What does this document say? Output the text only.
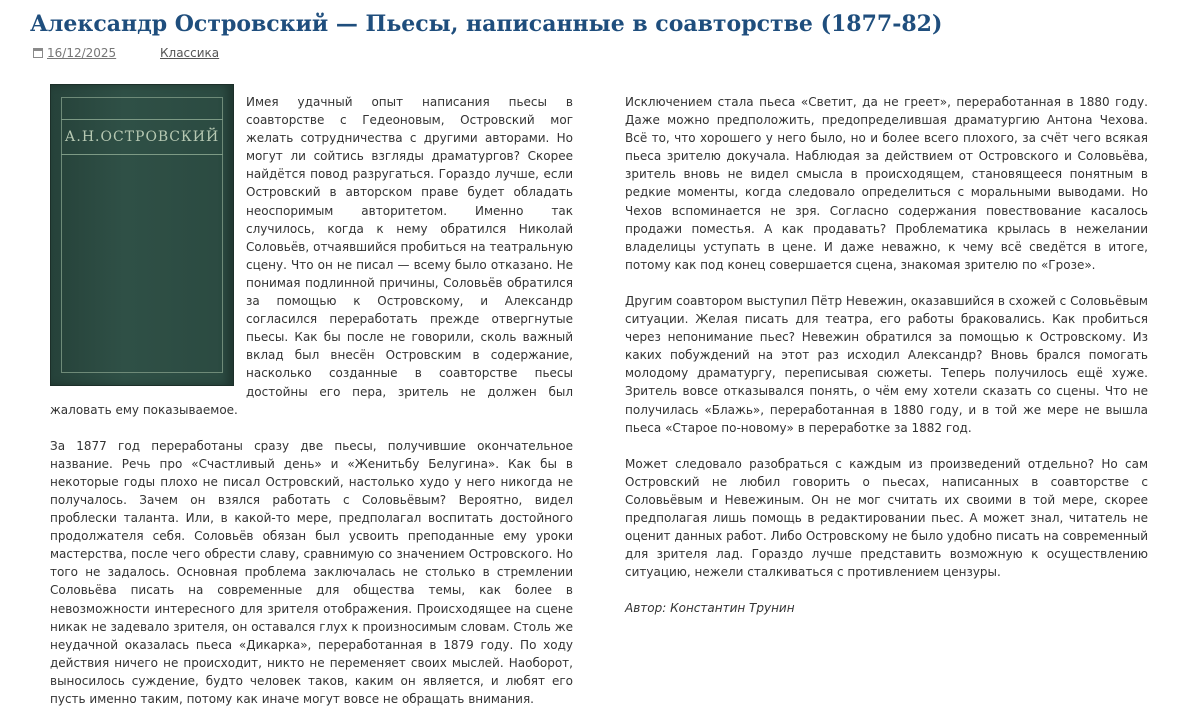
Александр Островский — Пьесы, написанные в соавторстве (1877-82)
16/12/2025	Классика
А.Н.ОСТРОВСКИЙ

Имея удачный опыт написания пьесы в соавторстве с Гедеоновым, Островский мог желать сотрудничества с другими авторами. Но могут ли сойтись взгляды драматургов? Скорее найдётся повод разругаться. Гораздо лучше, если Островский в авторском праве будет обладать неоспоримым авторитетом. Именно так случилось, когда к нему обратился Николай Соловьёв, отчаявшийся пробиться на театральную сцену. Что он не писал — всему было отказано. Не понимая подлинной причины, Соловьёв обратился за помощью к Островскому, и Александр согласился переработать прежде отвергнутые пьесы. Как бы после не говорили, сколь важный вклад был внесён Островским в содержание, насколько созданные в соавторстве пьесы достойны его пера, зритель не должен был жаловать ему показываемое.

За 1877 год переработаны сразу две пьесы, получившие окончательное название. Речь про «Счастливый день» и «Женитьбу Белугина». Как бы в некоторые годы плохо не писал Островский, настолько худо у него никогда не получалось. Зачем он взялся работать с Соловьёвым? Вероятно, видел проблески таланта. Или, в какой-то мере, предполагал воспитать достойного продолжателя себя. Соловьёв обязан был усвоить преподанные ему уроки мастерства, после чего обрести славу, сравнимую со значением Островского. Но того не задалось. Основная проблема заключалась не столько в стремлении Соловьёва писать на современные для общества темы, как более в невозможности интересного для зрителя отображения. Происходящее на сцене никак не задевало зрителя, он оставался глух к произносимым словам. Столь же неудачной оказалась пьеса «Дикарка», переработанная в 1879 году. По ходу действия ничего не происходит, никто не переменяет своих мыслей. Наоборот, выносилось суждение, будто человек таков, каким он является, и любят его пусть именно таким, потому как иначе могут вовсе не обращать внимания.

Исключением стала пьеса «Светит, да не греет», переработанная в 1880 году. Даже можно предположить, предопределившая драматургию Антона Чехова. Всё то, что хорошего у него было, но и более всего плохого, за счёт чего всякая пьеса зрителю докучала. Наблюдая за действием от Островского и Соловьёва, зритель вновь не видел смысла в происходящем, становящееся понятным в редкие моменты, когда следовало определиться с моральными выводами. Но Чехов вспоминается не зря. Согласно содержания повествование касалось продажи поместья. А как продавать? Проблематика крылась в нежелании владелицы уступать в цене. И даже неважно, к чему всё сведётся в итоге, потому как под конец совершается сцена, знакомая зрителю по «Грозе».

Другим соавтором выступил Пётр Невежин, оказавшийся в схожей с Соловьёвым ситуации. Желая писать для театра, его работы браковались. Как пробиться через непонимание пьес? Невежин обратился за помощью к Островскому. Из каких побуждений на этот раз исходил Александр? Вновь брался помогать молодому драматургу, переписывая сюжеты. Теперь получилось ещё хуже. Зритель вовсе отказывался понять, о чём ему хотели сказать со сцены. Что не получилась «Блажь», переработанная в 1880 году, и в той же мере не вышла пьеса «Старое по-новому» в переработке за 1882 год.

Может следовало разобраться с каждым из произведений отдельно? Но сам Островский не любил говорить о пьесах, написанных в соавторстве с Соловьёвым и Невежиным. Он не мог считать их своими в той мере, скорее предполагая лишь помощь в редактировании пьес. А может знал, читатель не оценит данных работ. Либо Островскому не было удобно писать на современный для зрителя лад. Гораздо лучше представить возможную к осуществлению ситуацию, нежели сталкиваться с противлением цензуры.

Автор: Константин Трунин
